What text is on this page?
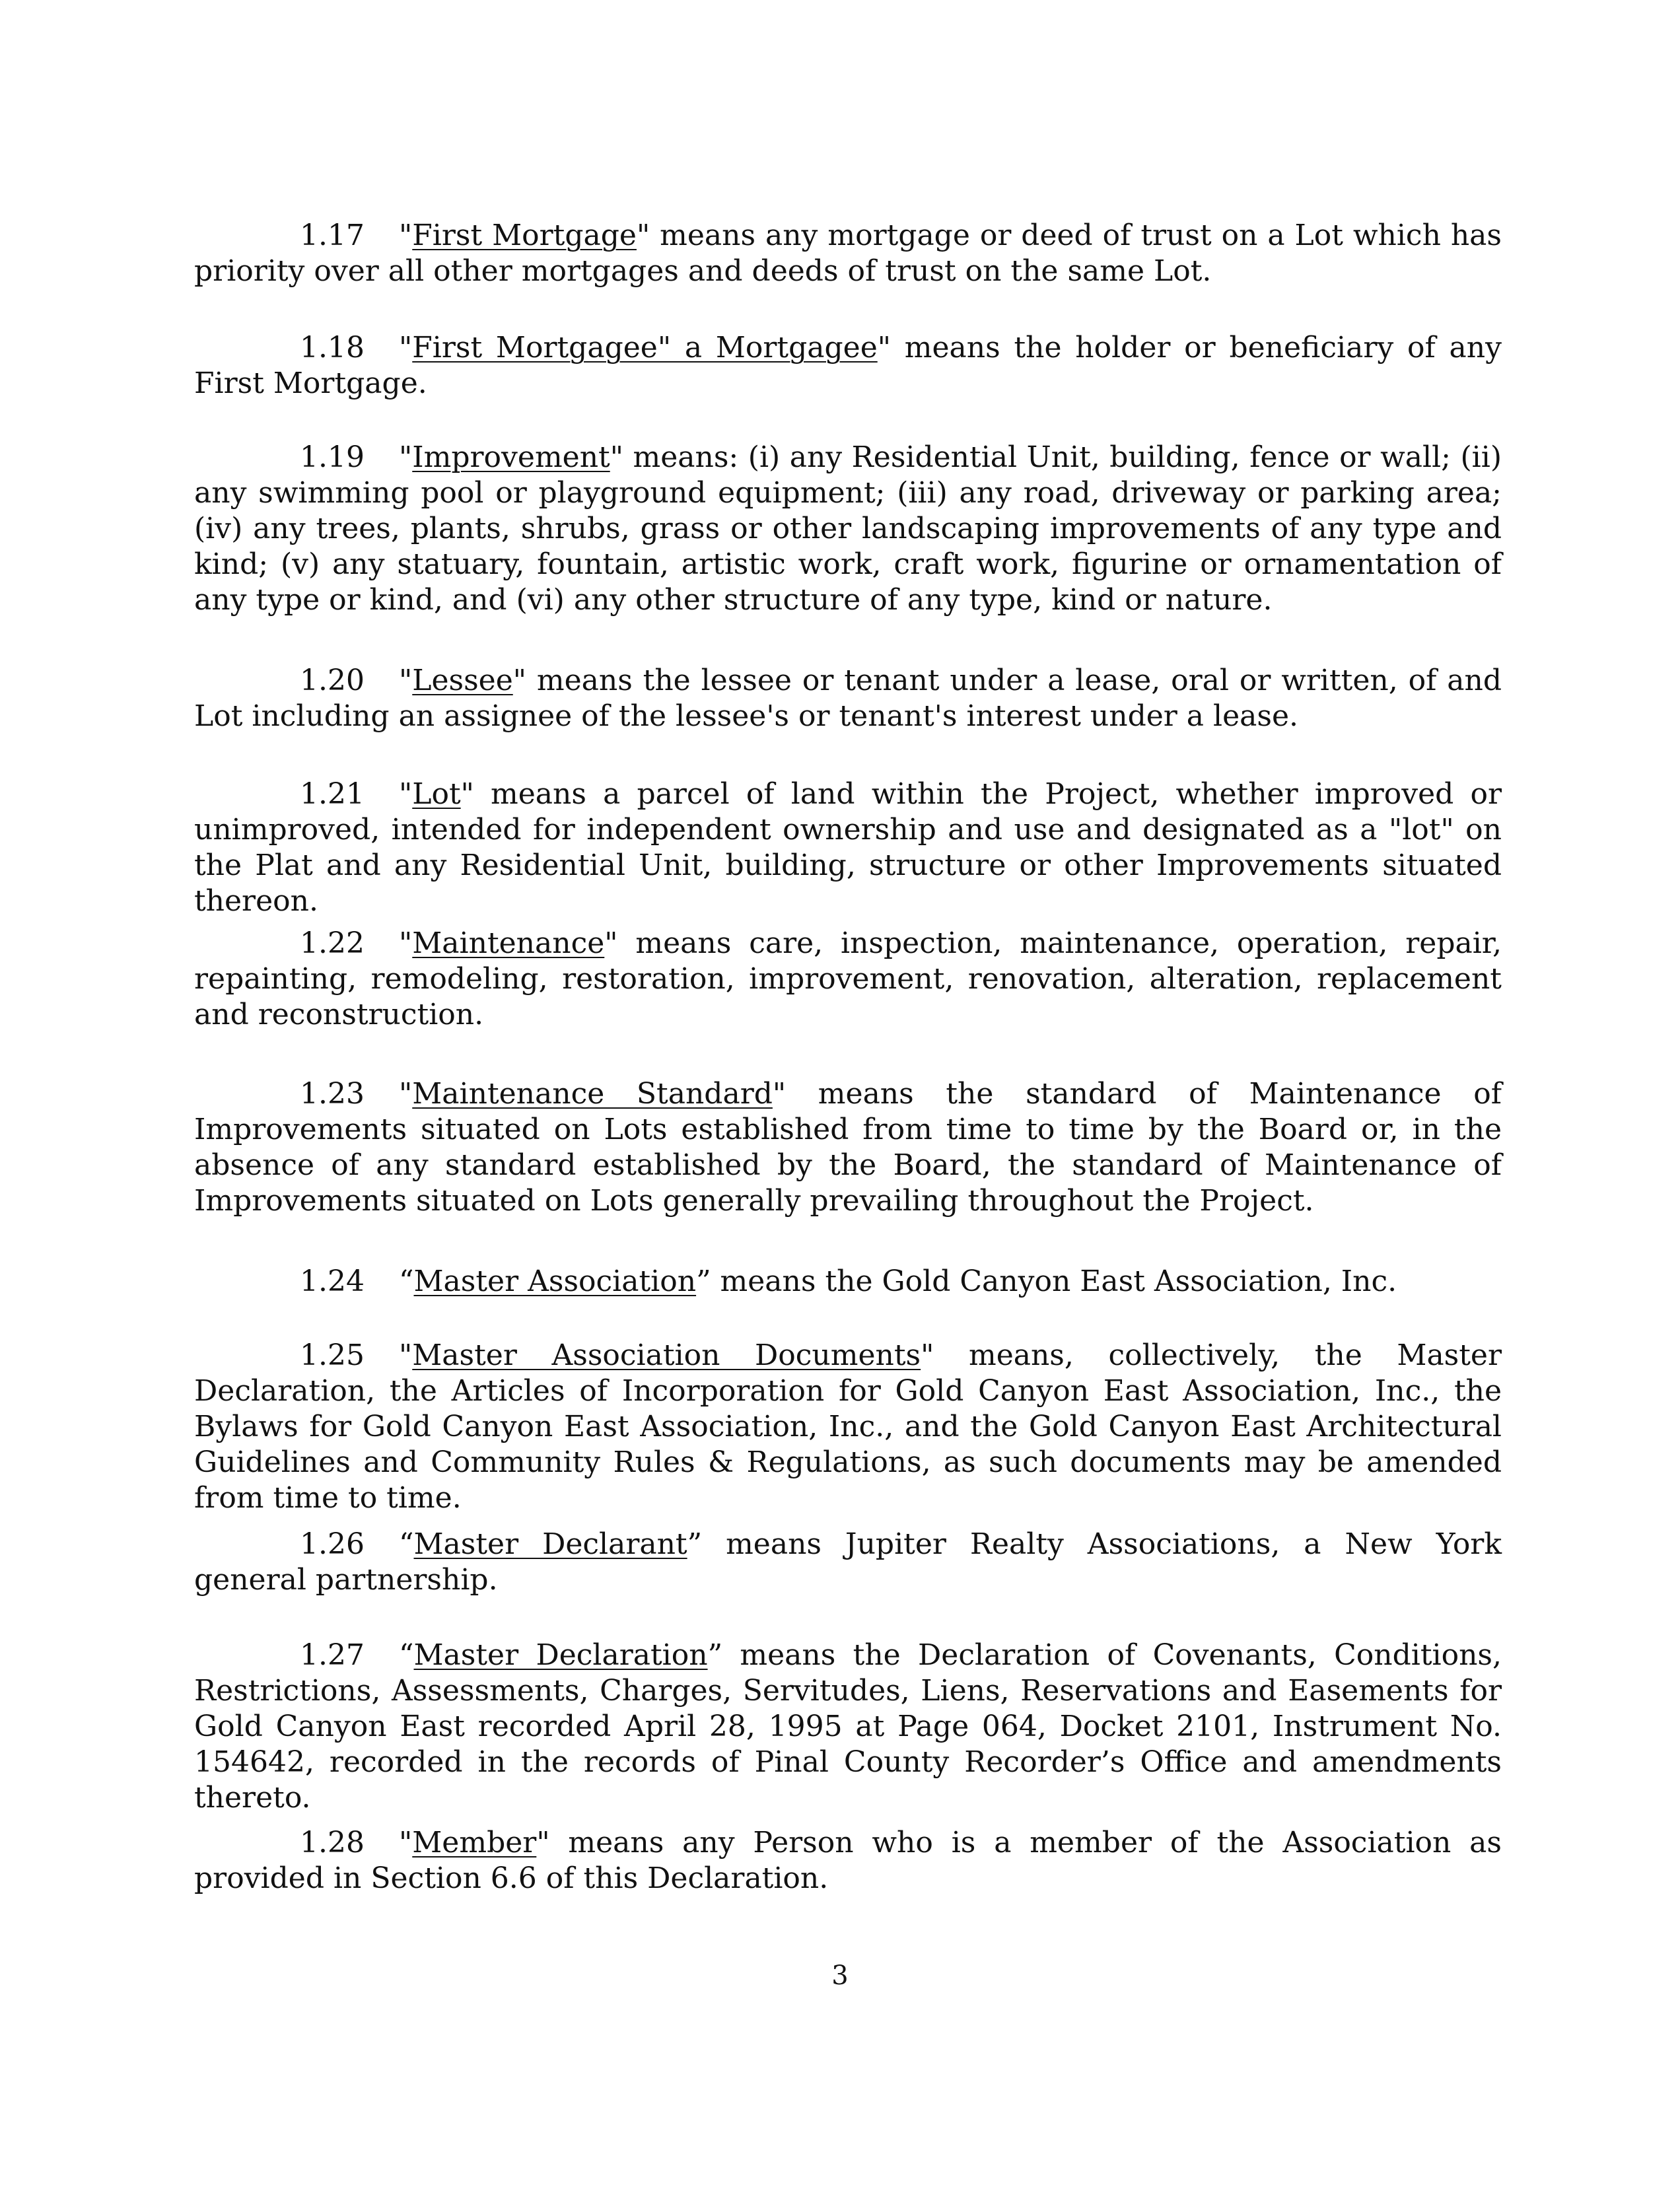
1.17 "First Mortgage" means any mortgage or deed of trust on a Lot which has priority over all other mortgages and deeds of trust on the same Lot.

1.18 "First Mortgagee" a Mortgagee" means the holder or beneficiary of any First Mortgage.

1.19 "Improvement" means: (i) any Residential Unit, building, fence or wall; (ii) any swimming pool or playground equipment; (iii) any road, driveway or parking area; (iv) any trees, plants, shrubs, grass or other landscaping improvements of any type and kind; (v) any statuary, fountain, artistic work, craft work, figurine or ornamentation of any type or kind, and (vi) any other structure of any type, kind or nature.

1.20 "Lessee" means the lessee or tenant under a lease, oral or written, of and Lot including an assignee of the lessee's or tenant's interest under a lease.

1.21 "Lot" means a parcel of land within the Project, whether improved or unimproved, intended for independent ownership and use and designated as a "lot" on the Plat and any Residential Unit, building, structure or other Improvements situated thereon.

1.22 "Maintenance" means care, inspection, maintenance, operation, repair, repainting, remodeling, restoration, improvement, renovation, alteration, replacement and reconstruction.

1.23 "Maintenance Standard" means the standard of Maintenance of Improvements situated on Lots established from time to time by the Board or, in the absence of any standard established by the Board, the standard of Maintenance of Improvements situated on Lots generally prevailing throughout the Project.

1.24 “Master Association” means the Gold Canyon East Association, Inc.

1.25 "Master Association Documents" means, collectively, the Master Declaration, the Articles of Incorporation for Gold Canyon East Association, Inc., the Bylaws for Gold Canyon East Association, Inc., and the Gold Canyon East Architectural Guidelines and Community Rules & Regulations, as such documents may be amended from time to time.

1.26 “Master Declarant” means Jupiter Realty Associations, a New York general partnership.

1.27 “Master Declaration” means the Declaration of Covenants, Conditions, Restrictions, Assessments, Charges, Servitudes, Liens, Reservations and Easements for Gold Canyon East recorded April 28, 1995 at Page 064, Docket 2101, Instrument No. 154642, recorded in the records of Pinal County Recorder’s Office and amendments thereto.

1.28 "Member" means any Person who is a member of the Association as provided in Section 6.6 of this Declaration.

3
